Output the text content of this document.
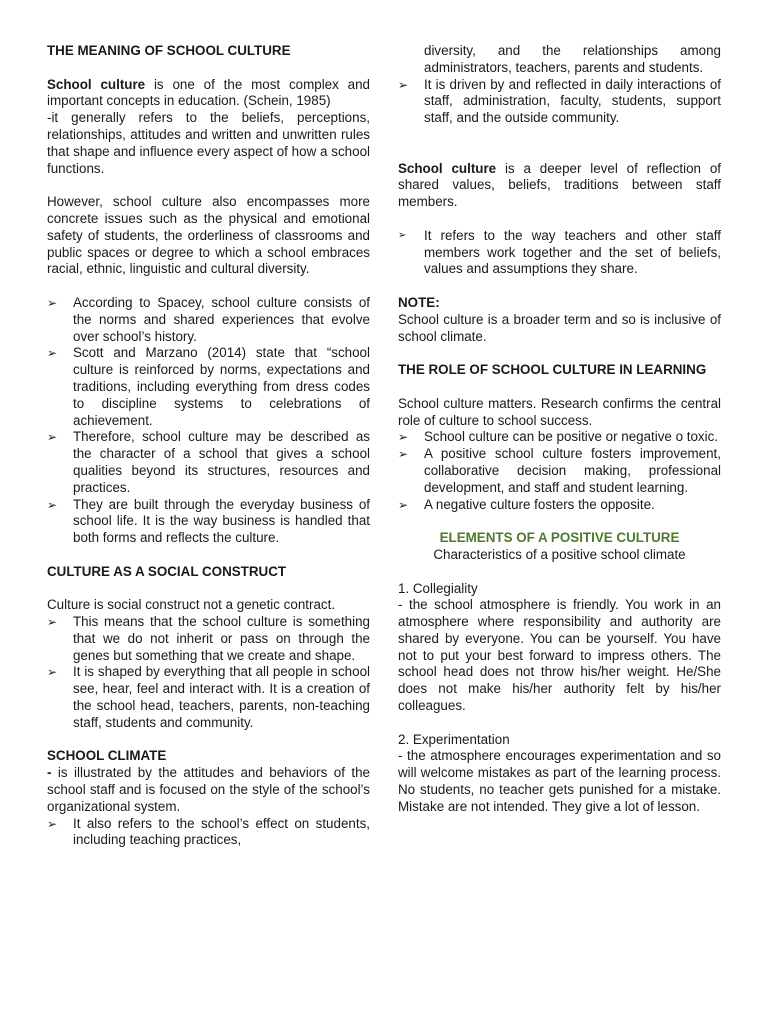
THE MEANING OF SCHOOL CULTURE

School culture is one of the most complex and important concepts in education. (Schein, 1985)

-it generally refers to the beliefs, perceptions, relationships, attitudes and written and unwritten rules that shape and influence every aspect of how a school functions.

However, school culture also encompasses more concrete issues such as the physical and emotional safety of students, the orderliness of classrooms and public spaces or degree to which a school embraces racial, ethnic, linguistic and cultural diversity.

➢	According to Spacey, school culture consists of the norms and shared experiences that evolve over school’s history.
➢	Scott and Marzano (2014) state that “school culture is reinforced by norms, expectations and traditions, including everything from dress codes to discipline systems to celebrations of achievement.
➢	Therefore, school culture may be described as the character of a school that gives a school qualities beyond its structures, resources and practices.
➢	They are built through the everyday business of school life. It is the way business is handled that both forms and reflects the culture.

CULTURE AS A SOCIAL CONSTRUCT

Culture is social construct not a genetic contract.

➢	This means that the school culture is something that we do not inherit or pass on through the genes but something that we create and shape.
➢	It is shaped by everything that all people in school see, hear, feel and interact with. It is a creation of the school head, teachers, parents, non-teaching staff, students and community.

SCHOOL CLIMATE

- is illustrated by the attitudes and behaviors of the school staff and is focused on the style of the school’s organizational system.

➢	It also refers to the school’s effect on students, including teaching practices,

diversity, and the relationships among administrators, teachers, parents and students.

➢	It is driven by and reflected in daily interactions of staff, administration, faculty, students, support staff, and the outside community.

School culture is a deeper level of reflection of shared values, beliefs, traditions between staff members.

➢	It refers to the way teachers and other staff members work together and the set of beliefs, values and assumptions they share.

NOTE:

School culture is a broader term and so is inclusive of school climate.

THE ROLE OF SCHOOL CULTURE IN LEARNING

School culture matters. Research confirms the central role of culture to school success.

➢	School culture can be positive or negative o toxic.
➢	A positive school culture fosters improvement, collaborative decision making, professional development, and staff and student learning.
➢	A negative culture fosters the opposite.

ELEMENTS OF A POSITIVE CULTURE

Characteristics of a positive school climate

1. Collegiality

- the school atmosphere is friendly. You work in an atmosphere where responsibility and authority are shared by everyone. You can be yourself. You have not to put your best forward to impress others. The school head does not throw his/her weight. He/She does not make his/her authority felt by his/her colleagues.

2. Experimentation

- the atmosphere encourages experimentation and so will welcome mistakes as part of the learning process. No students, no teacher gets punished for a mistake. Mistake are not intended. They give a lot of lesson.
